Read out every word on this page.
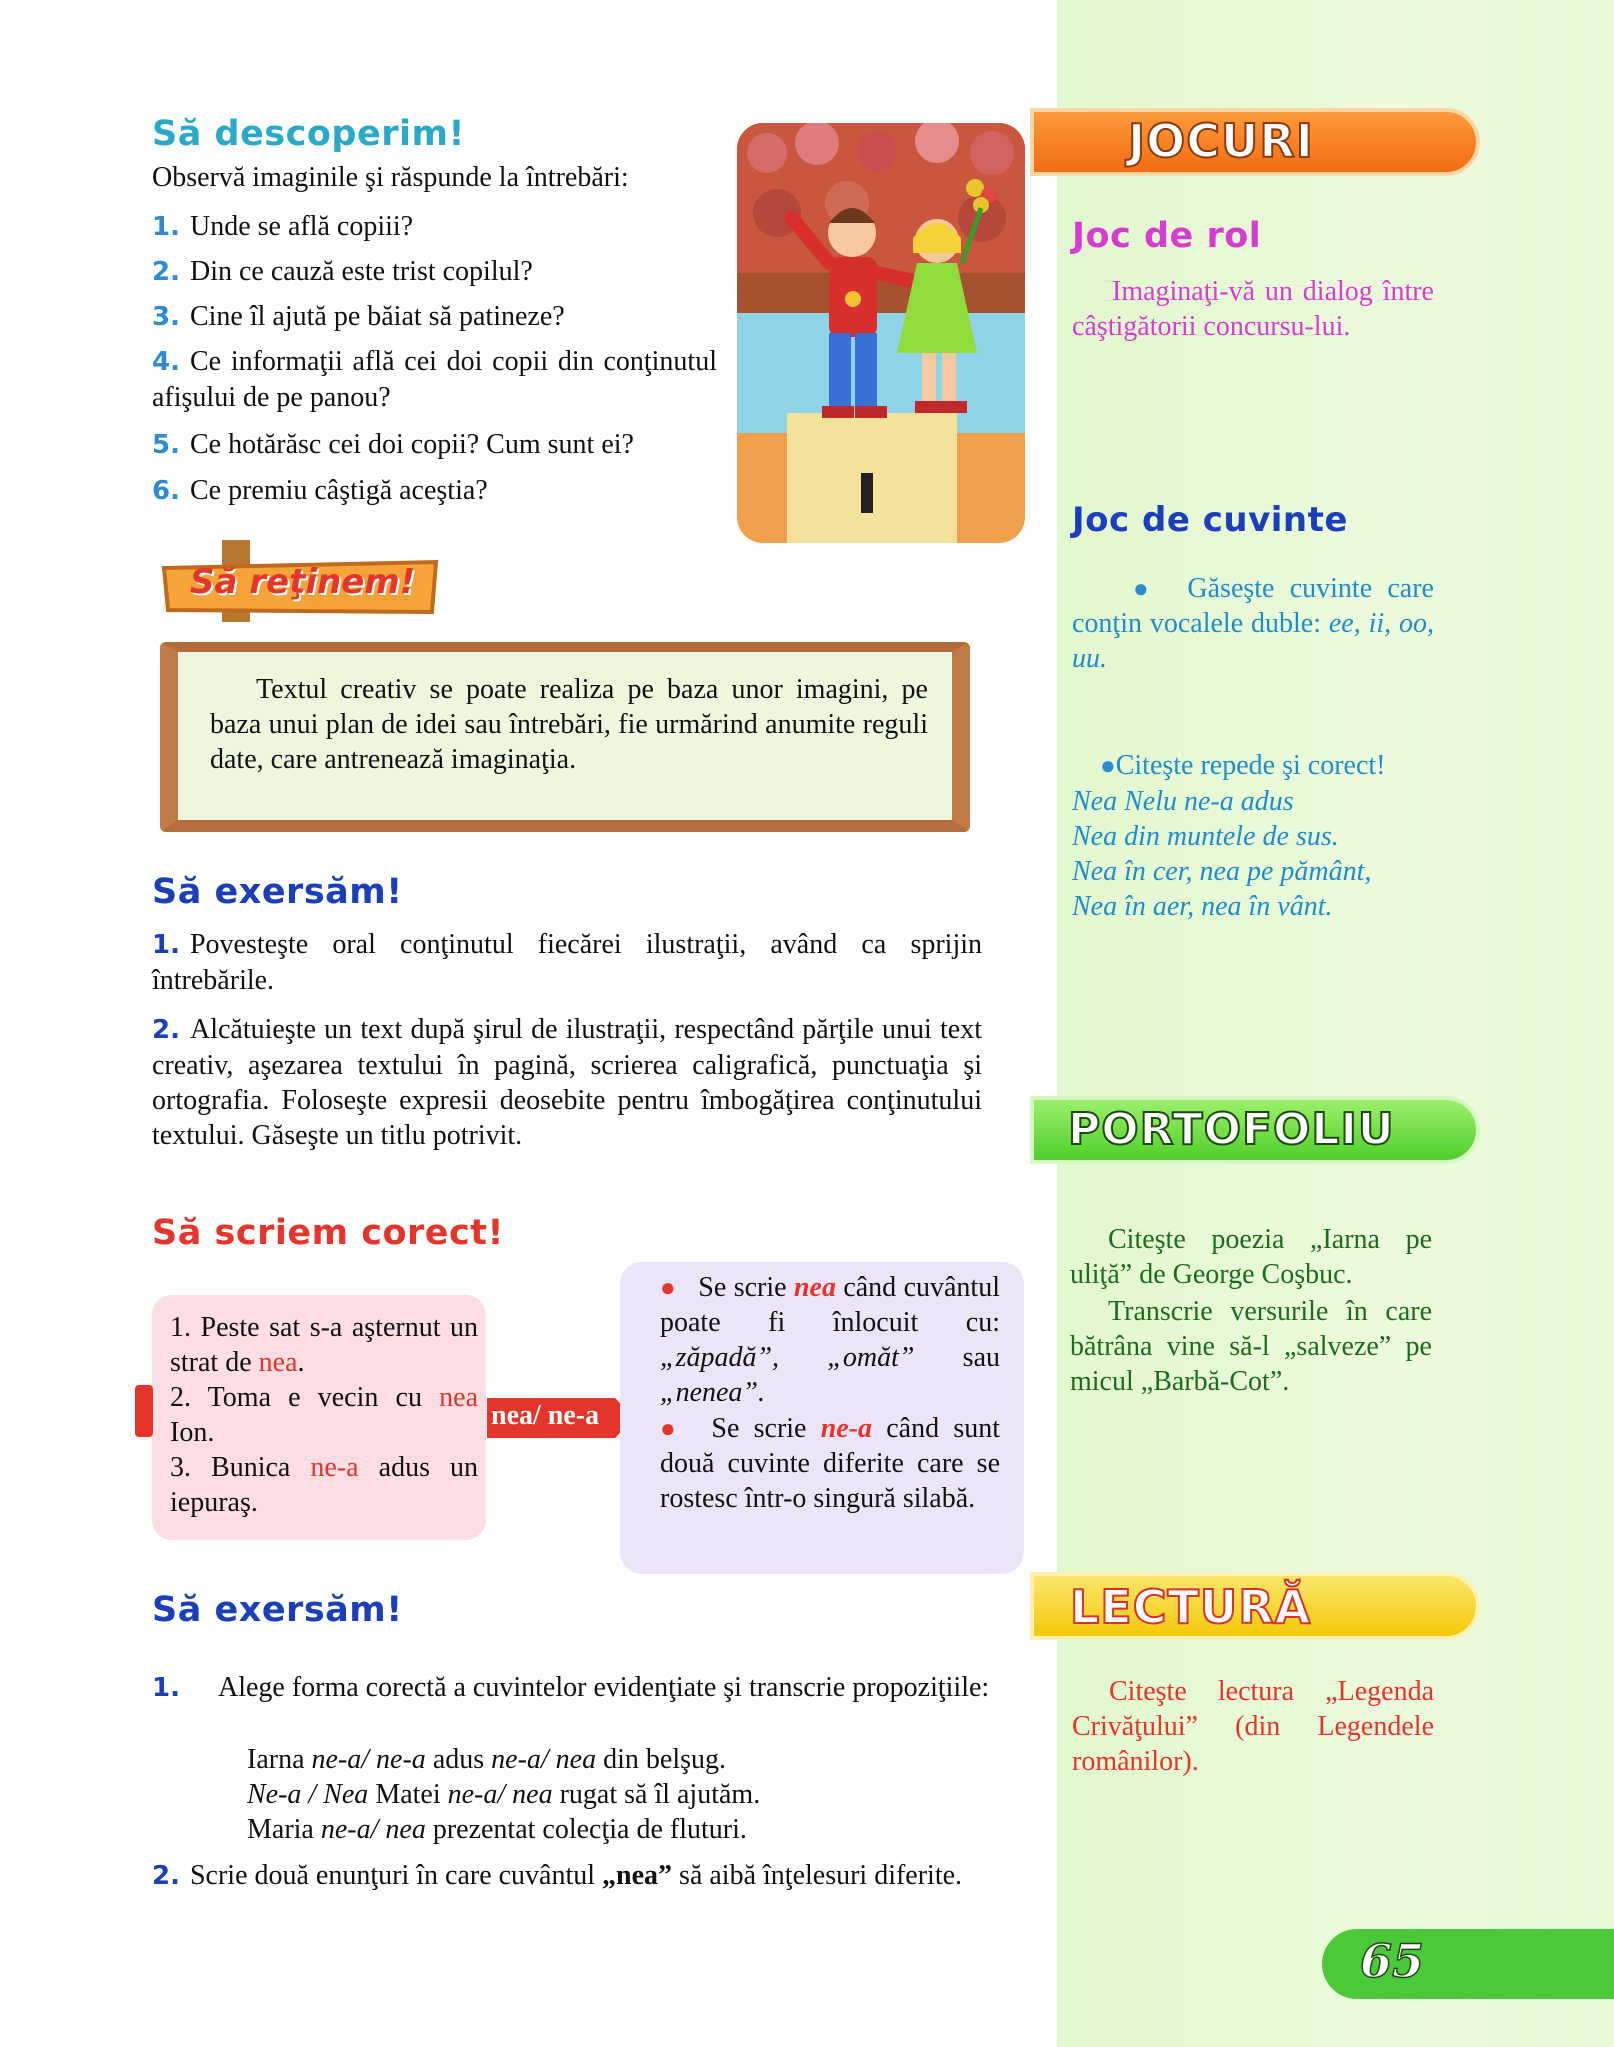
Să descoperim!
Observă imaginile şi răspunde la întrebări:
1. Unde se află copiii?
2. Din ce cauză este trist copilul?
3. Cine îl ajută pe băiat să patineze?
4. Ce informaţii află cei doi copii din conţinutul afişului de pe panou?
5. Ce hotărăsc cei doi copii? Cum sunt ei?
6. Ce premiu câştigă aceştia?
Să reţinem!
Textul creativ se poate realiza pe baza unor imagini, pe baza unui plan de idei sau întrebări, fie urmărind anumite reguli date, care antrenează imaginaţia.
Să exersăm!
1. Povesteşte oral conţinutul fiecărei ilustraţii, având ca sprijin întrebările.
2. Alcătuieşte un text după şirul de ilustraţii, respectând părţile unui text creativ, aşezarea textului în pagină, scrierea caligrafică, punctuaţia şi ortografia. Foloseşte expresii deosebite pentru îmbogăţirea conţinutului textului. Găseşte un titlu potrivit.
Să scriem corect!
1. Peste sat s-a aşternut un strat de nea.
2. Toma e vecin cu nea Ion.
3. Bunica ne-a adus un iepuraş.
nea/ ne-a
● Se scrie nea când cuvântul poate fi înlocuit cu: „zăpadă”, „omăt” sau „nenea”.
● Se scrie ne-a când sunt două cuvinte diferite care se rostesc într-o singură silabă.
Să exersăm!
1. Alege forma corectă a cuvintelor evidenţiate şi transcrie propoziţiile:
Iarna ne-a/ ne-a adus ne-a/ nea din belşug.
Ne-a / Nea Matei ne-a/ nea rugat să îl ajutăm.
Maria ne-a/ nea prezentat colecţia de fluturi.
2. Scrie două enunţuri în care cuvântul „nea” să aibă înţelesuri diferite.
JOCURI
Joc de rol
Imaginaţi-vă un dialog între câştigătorii concursu-lui.
Joc de cuvinte
● Găseşte cuvinte care conţin vocalele duble: ee, ii, oo, uu.
●Citeşte repede şi corect!
Nea Nelu ne-a adus
Nea din muntele de sus.
Nea în cer, nea pe pământ,
Nea în aer, nea în vânt.
PORTOFOLIU
Citeşte poezia „Iarna pe uliţă” de George Coşbuc.
Transcrie versurile în care bătrâna vine să-l „salveze” pe micul „Barbă-Cot”.
LECTURĂ
Citeşte lectura „Legenda Crivăţului” (din Legendele românilor).
65
